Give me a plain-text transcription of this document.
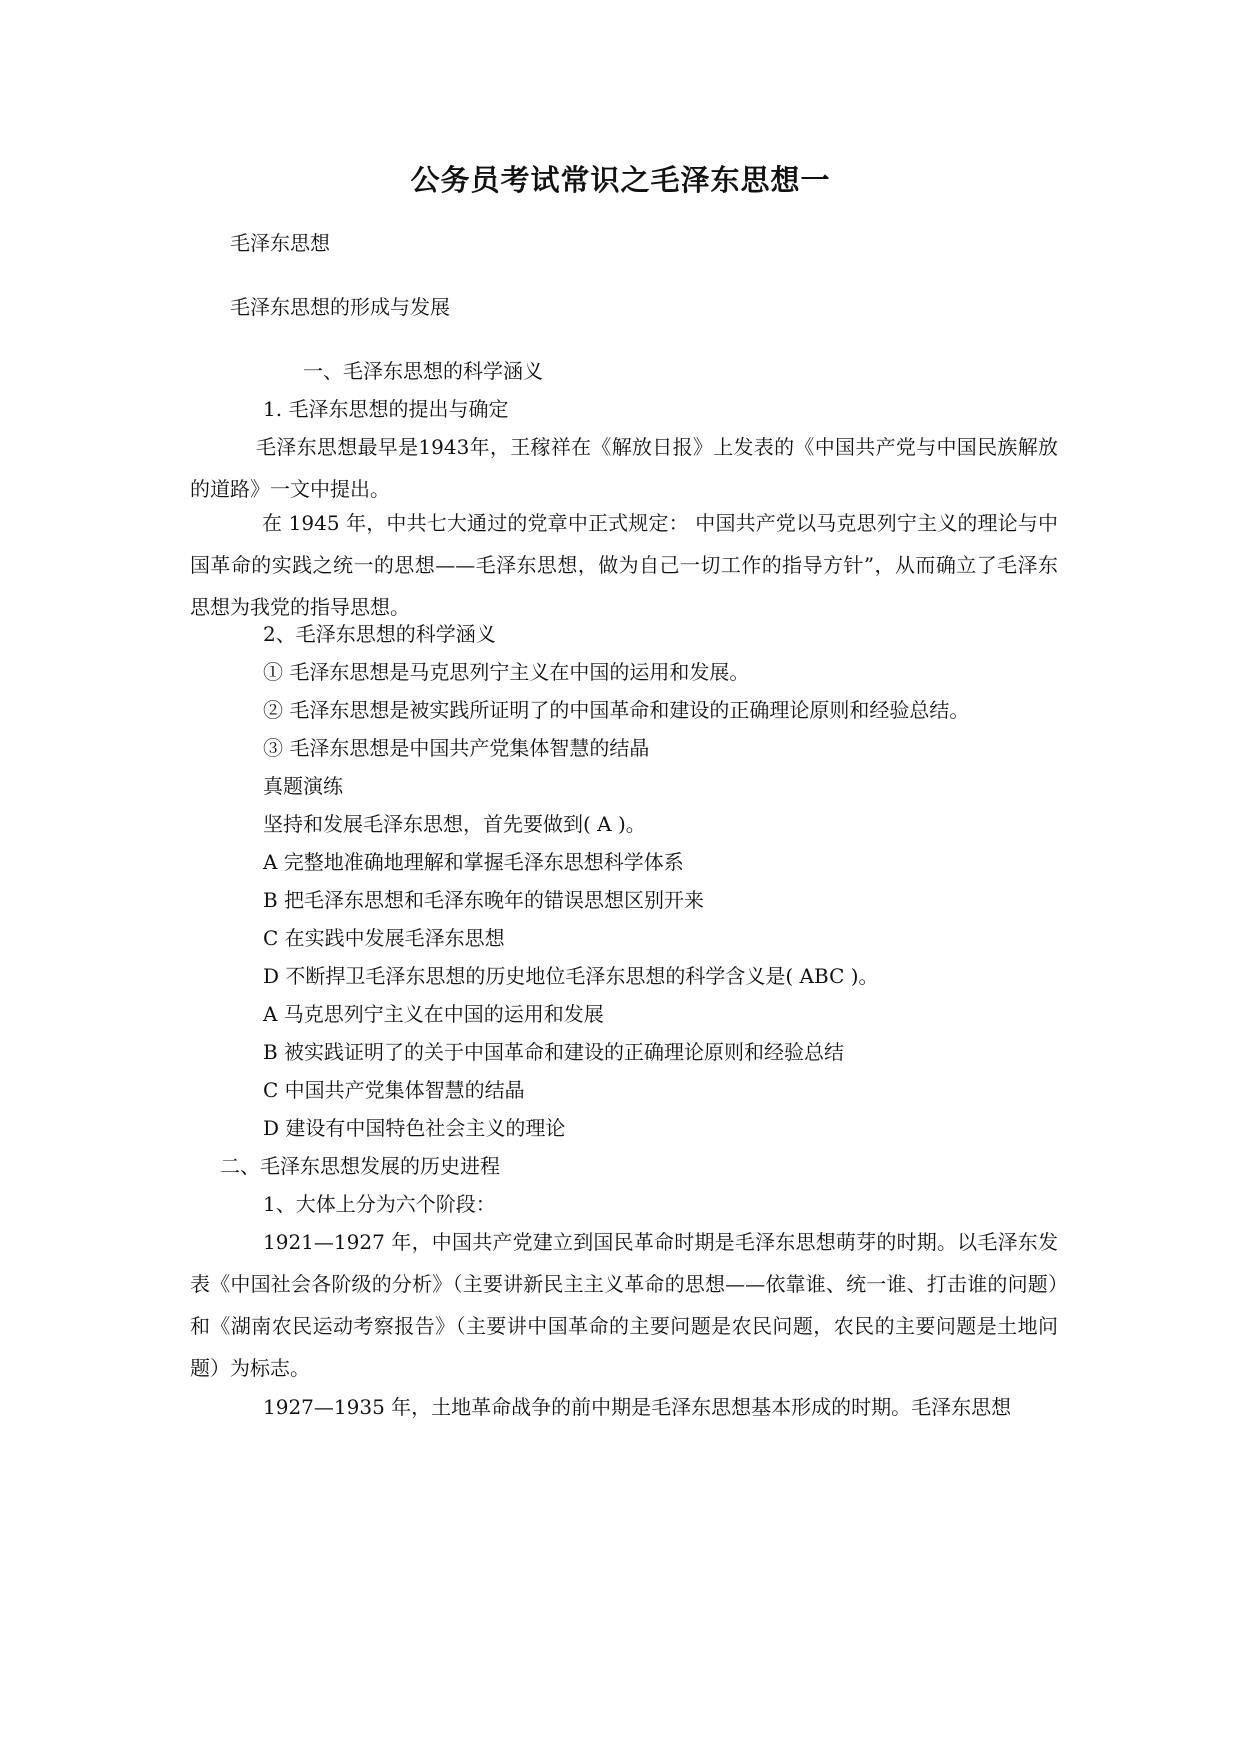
公务员考试常识之毛泽东思想一
毛泽东思想
毛泽东思想的形成与发展
一、毛泽东思想的科学涵义
1. 毛泽东思想的提出与确定
毛泽东思想最早是1943年，王稼祥在《解放日报》上发表的《中国共产党与中国民族解放的道路》一文中提出。
在 1945 年，中共七大通过的党章中正式规定： 中国共产党以马克思列宁主义的理论与中国革命的实践之统一的思想——毛泽东思想，做为自己一切工作的指导方针”，从而确立了毛泽东思想为我党的指导思想。
2、毛泽东思想的科学涵义
① 毛泽东思想是马克思列宁主义在中国的运用和发展。
② 毛泽东思想是被实践所证明了的中国革命和建设的正确理论原则和经验总结。
③ 毛泽东思想是中国共产党集体智慧的结晶
真题演练
坚持和发展毛泽东思想，首先要做到( A )。
A 完整地准确地理解和掌握毛泽东思想科学体系
B 把毛泽东思想和毛泽东晚年的错误思想区别开来
C 在实践中发展毛泽东思想
D 不断捍卫毛泽东思想的历史地位毛泽东思想的科学含义是( ABC )。
A 马克思列宁主义在中国的运用和发展
B 被实践证明了的关于中国革命和建设的正确理论原则和经验总结
C 中国共产党集体智慧的结晶
D 建设有中国特色社会主义的理论
二、毛泽东思想发展的历史进程
1、大体上分为六个阶段：
1921—1927 年，中国共产党建立到国民革命时期是毛泽东思想萌芽的时期。以毛泽东发表《中国社会各阶级的分析》（主要讲新民主主义革命的思想——依靠谁、统一谁、打击谁的问题）和《湖南农民运动考察报告》（主要讲中国革命的主要问题是农民问题，农民的主要问题是土地问题）为标志。
1927—1935 年，土地革命战争的前中期是毛泽东思想基本形成的时期。毛泽东思想
